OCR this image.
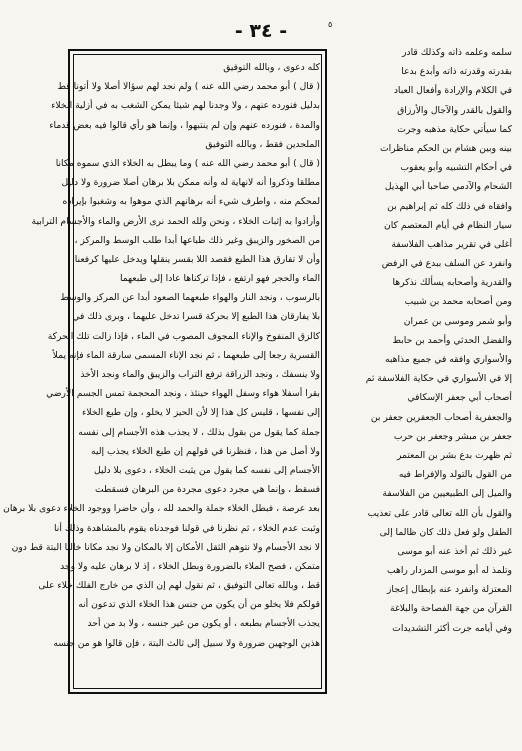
- ٣٤ -	٥
كله دعوى ، وبالله التوفيق
( قال ) أبو محمد رضي الله عنه ) ولم نجد لهم سؤالا أصلا ولا أتونا قط
بدليل فنورده عنهم ، ولا وجدنا لهم شيئا يمكن الشغب به في أزلية الخلاء
والمدة ، فنورده عنهم وإن لم ينتبهوا ، وإنما هو رأي قالوا فيه بعض قدماء
الملحدين فقط ، وبالله التوفيق
( قال ) أبو محمد رضي الله عنه ) وما يبطل به الخلاء الذي سموه مكانا
مطلقا وذكروا أنه لانهاية له وأنه ممكن بلا برهان أصلا ضرورة ولا دليل
لمحكم منه ، واطرف شيء أنه برهانهم الذي موهوا به وشغبوا بإيراده
وأرادوا به إثبات الخلاء ، ونحن ولله الحمد نرى الأرض والماء والأجسام الترابية
من الصخور والزيبق وغير ذلك طباعها أبدا طلب الوسط والمركز ،
وأن لا تفارق هذا الطبع فقصد اللا بقسر ينقلها ويدخل عليها كرفعنا
الماء والحجر فهو ارتفع ، فإذا تركناها عادا إلى طبعهما
بالرسوب ، ونجد النار والهواء طبعهما الصعود أبدا عن المركز والوسط
بلا يفارقان هذا الطبع إلا بحركة قسرا تدخل عليهما ، وبرى ذلك في
كالزق المنفوخ والإناء المجوف المصوب في الماء ، فإذا زالت تلك الحركة
القسرية رجعا إلى طبعهما ، ثم نجد الإناء المسمى سارقة الماء فإنه يملأ
ولا ينسفك ، ونجد الزراقة ترفع التراب والزيبق والماء ونجد الأخذ
بقرا أسفلا هواء وسفل الهواء حينئذ ، ونجد المحجمة تمس الجسم الأرضي
إلى نفسها ، قليس كل هذا إلا لأن الحيز لا يخلو ، وإن طبع الخلاء
جملة كما يقول من بقول بذلك ، لا يجذب هذه الأجسام إلى نفسه
ولا أصل من هذا ، فنظرنا في قولهم إن طبع الخلاء يجذب إليه
الأجسام إلى نفسه كما يقول من يثبت الخلاء ، دعوى بلا دليل
فسقط ، وإنما هي مجرد دعوى مجردة من البرهان فسقطت
بعد عرصة ، فبطل الخلاء جملة والحمد لله ، وأن حاضرا ووجود الخلاء دعوى بلا برهان
وثبت عدم الخلاء ، ثم نظرنا في قولنا فوجدناه يقوم بالمشاهدة وذلك أنا
لا نجد الأجسام ولا نتوهم الثقل الأمكان إلا بالمكان ولا نجد مكانا خاليا البتة قط دون
متمكن ، فصح الملاء بالضرورة وبطل الخلاء ، إذ لا برهان عليه ولا وجد
قط ، وبالله تعالى التوفيق ، ثم نقول لهم إن الذي من خارج الفلك خلاء على
قولكم فلا يخلو من أن يكون من جنس هذا الخلاء الذي تدعون أنه
يجذب الأجسام بطبعه ، أو يكون من غير جنسه ، ولا بد من أحد
هذين الوجهين ضرورة ولا سبيل إلى ثالث البتة ، فإن قالوا هو من جنسه
سلمه وعلمه ذاته وكذلك قادر
بقدرته وقدرته ذاته وأبدع بدعا
في الكلام والإرادة وأفعال العباد
والقول بالقدر والآجال والأرزاق
كما سيأتي حكاية مذهبه وجرت
بينه وبين هشام بن الحكم مناظرات
في أحكام التشبيه وأبو يعقوب
الشحام والآدمي صاحبا أبي الهذيل
وافقاه في ذلك كله ثم إبراهيم بن
سيار النظام في أيام المعتصم كان
أغلى في تقرير مذاهب الفلاسفة
وانفرد عن السلف ببدع في الرفض
والقدرية وأصحابه يسألك نذكرها
ومن أصحابه محمد بن شبيب
وأبو شمر وموسى بن عمران
والفضل الحدثي وأحمد بن حابط
والأسواري وافقه في جميع مذاهبه
إلا في الأسواري في حكاية الفلاسفة ثم
أصحاب أبي جعفر الإسكافي
والجعفرية أصحاب الجعفرين جعفر بن
جعفر بن مبشر وجعفر بن حرب
ثم ظهرت بدع بشر بن المعتمر
من القول بالتولد والإفراط فيه
والميل إلى الطبيعيين من الفلاسفة
والقول بأن الله تعالى قادر على تعذيب
الطفل ولو فعل ذلك كان ظالما إلى
غير ذلك ثم أخذ عنه أبو موسى
وتلمذ له أبو موسى المزدار راهب
المعتزلة وانفرد عنه بإبطال إعجاز
القرآن من جهة الفصاحة والبلاغة
وفي أيامه جرت أكثر التشديدات
